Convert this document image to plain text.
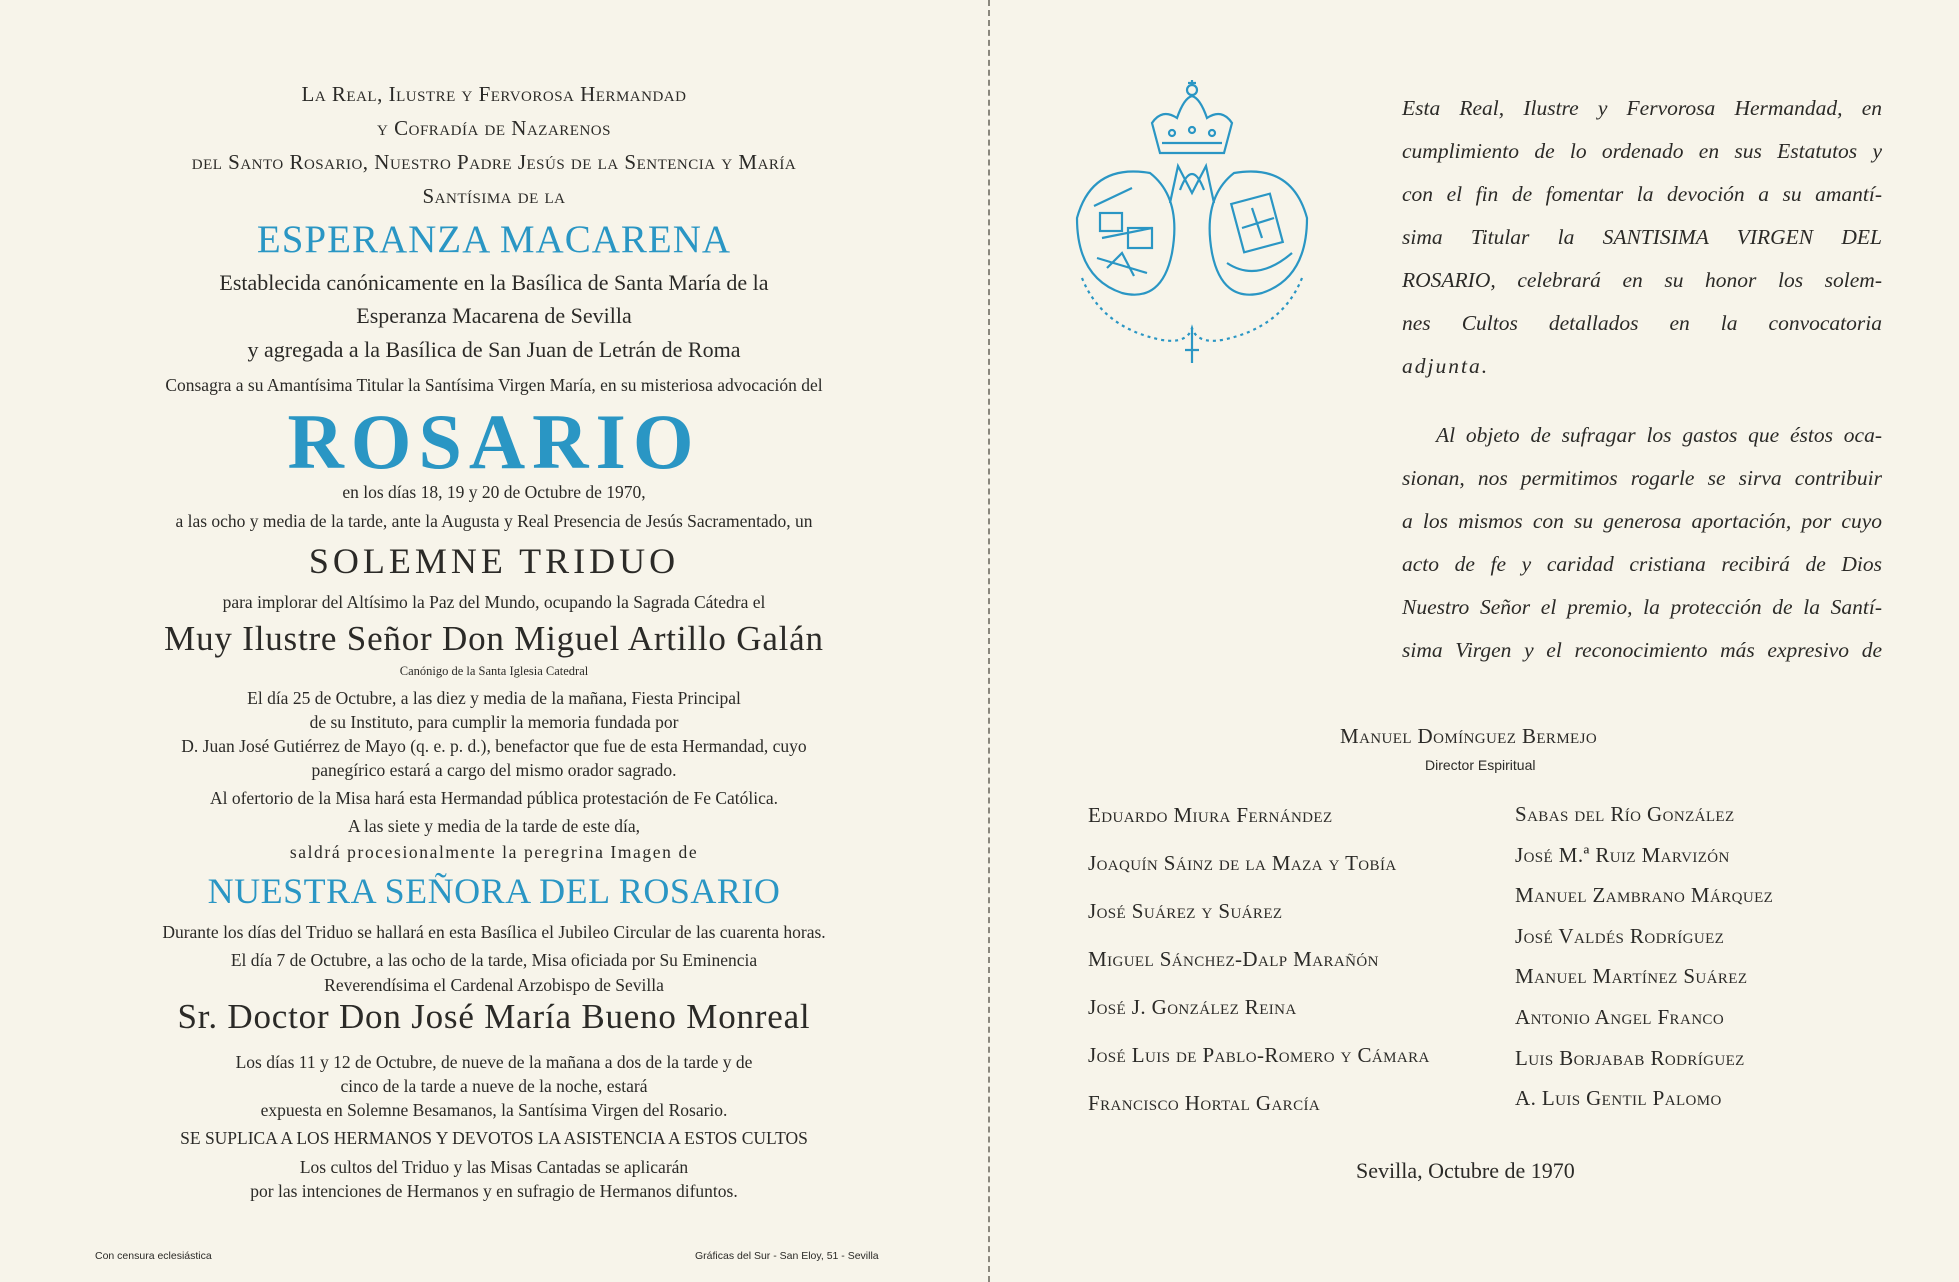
La Real, Ilustre y Fervorosa Hermandad
y Cofradía de Nazarenos
del Santo Rosario, Nuestro Padre Jesús de la Sentencia y María
Santísima de la
ESPERANZA MACARENA
Establecida canónicamente en la Basílica de Santa María de la
Esperanza Macarena de Sevilla
y agregada a la Basílica de San Juan de Letrán de Roma
Consagra a su Amantísima Titular la Santísima Virgen María, en su misteriosa advocación del
ROSARIO
en los días 18, 19 y 20 de Octubre de 1970,
a las ocho y media de la tarde, ante la Augusta y Real Presencia de Jesús Sacramentado, un
SOLEMNE TRIDUO
para implorar del Altísimo la Paz del Mundo, ocupando la Sagrada Cátedra el
Muy Ilustre Señor Don Miguel Artillo Galán
Canónigo de la Santa Iglesia Catedral
El día 25 de Octubre, a las diez y media de la mañana, Fiesta Principal
de su Instituto, para cumplir la memoria fundada por
D. Juan José Gutiérrez de Mayo (q. e. p. d.), benefactor que fue de esta Hermandad, cuyo
panegírico estará a cargo del mismo orador sagrado.
Al ofertorio de la Misa hará esta Hermandad pública protestación de Fe Católica.
A las siete y media de la tarde de este día,
saldrá procesionalmente la peregrina Imagen de
NUESTRA SEÑORA DEL ROSARIO
Durante los días del Triduo se hallará en esta Basílica el Jubileo Circular de las cuarenta horas.
El día 7 de Octubre, a las ocho de la tarde, Misa oficiada por Su Eminencia
Reverendísima el Cardenal Arzobispo de Sevilla
Sr. Doctor Don José María Bueno Monreal
Los días 11 y 12 de Octubre, de nueve de la mañana a dos de la tarde y de
cinco de la tarde a nueve de la noche, estará
expuesta en Solemne Besamanos, la Santísima Virgen del Rosario.
SE SUPLICA A LOS HERMANOS Y DEVOTOS LA ASISTENCIA A ESTOS CULTOS
Los cultos del Triduo y las Misas Cantadas se aplicarán
por las intenciones de Hermanos y en sufragio de Hermanos difuntos.
Con censura eclesiástica	Gráficas del Sur - San Eloy, 51 - Sevilla
Esta Real, Ilustre y Fervorosa Hermandad, en
cumplimiento de lo ordenado en sus Estatutos y
con el fin de fomentar la devoción a su amantí-
sima Titular la SANTISIMA VIRGEN DEL
ROSARIO, celebrará en su honor los solem-
nes Cultos detallados en la convocatoria
adjunta.
Al objeto de sufragar los gastos que éstos oca-
sionan, nos permitimos rogarle se sirva contribuir
a los mismos con su generosa aportación, por cuyo
acto de fe y caridad cristiana recibirá de Dios
Nuestro Señor el premio, la protección de la Santí-
sima Virgen y el reconocimiento más expresivo de
Manuel Domínguez Bermejo
Director Espiritual
Eduardo Miura Fernández
Joaquín Sáinz de la Maza y Tobía
José Suárez y Suárez
Miguel Sánchez-Dalp Marañón
José J. González Reina
José Luis de Pablo-Romero y Cámara
Francisco Hortal García
Sabas del Río González
José M.ª Ruiz Marvizón
Manuel Zambrano Márquez
José Valdés Rodríguez
Manuel Martínez Suárez
Antonio Angel Franco
Luis Borjabab Rodríguez
A. Luis Gentil Palomo
Sevilla, Octubre de 1970
